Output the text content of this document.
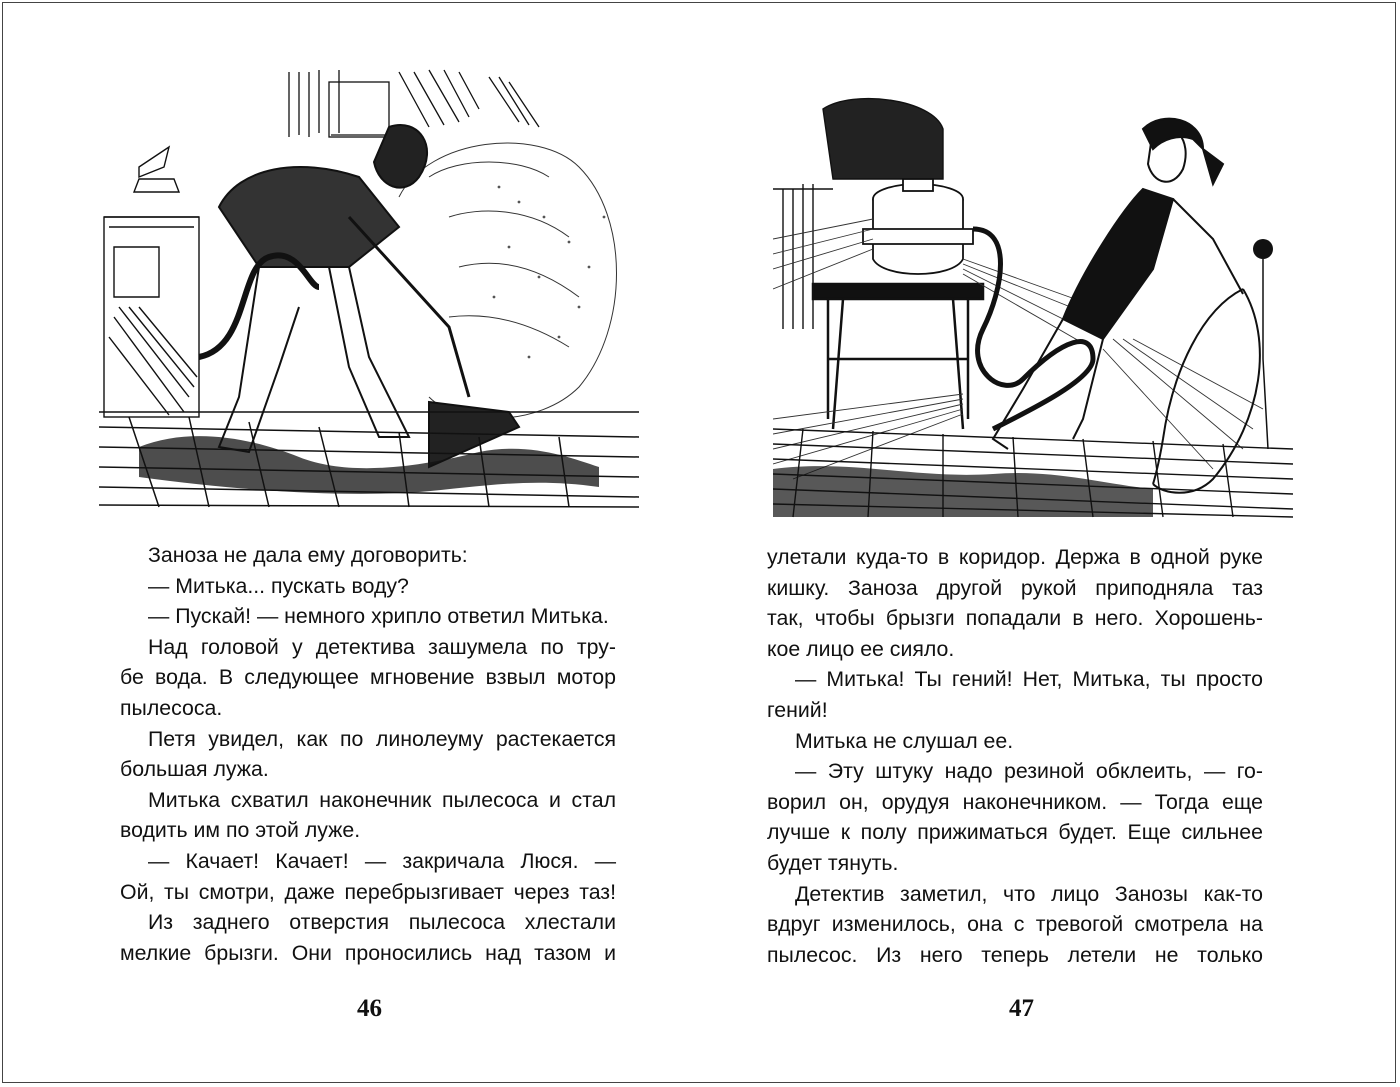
Заноза не дала ему договорить:
— Митька... пускать воду?
— Пускай! — немного хрипло ответил Митька.
Над головой у детектива зашумела по тру-
бе вода. В следующее мгновение взвыл мотор
пылесоса.
Петя увидел, как по линолеуму растекается
большая лужа.
Митька схватил наконечник пылесоса и стал
водить им по этой луже.
— Качает! Качает! — закричала Люся. —
Ой, ты смотри, даже перебрызгивает через таз!
Из заднего отверстия пылесоса хлестали
мелкие брызги. Они проносились над тазом и
46
улетали куда-то в коридор. Держа в одной руке
кишку. Заноза другой рукой приподняла таз
так, чтобы брызги попадали в него. Хорошень-
кое лицо ее сияло.
— Митька! Ты гений! Нет, Митька, ты просто
гений!
Митька не слушал ее.
— Эту штуку надо резиной обклеить, — го-
ворил он, орудуя наконечником. — Тогда еще
лучше к полу прижиматься будет. Еще сильнее
будет тянуть.
Детектив заметил, что лицо Занозы как-то
вдруг изменилось, она с тревогой смотрела на
пылесос. Из него теперь летели не только
47
